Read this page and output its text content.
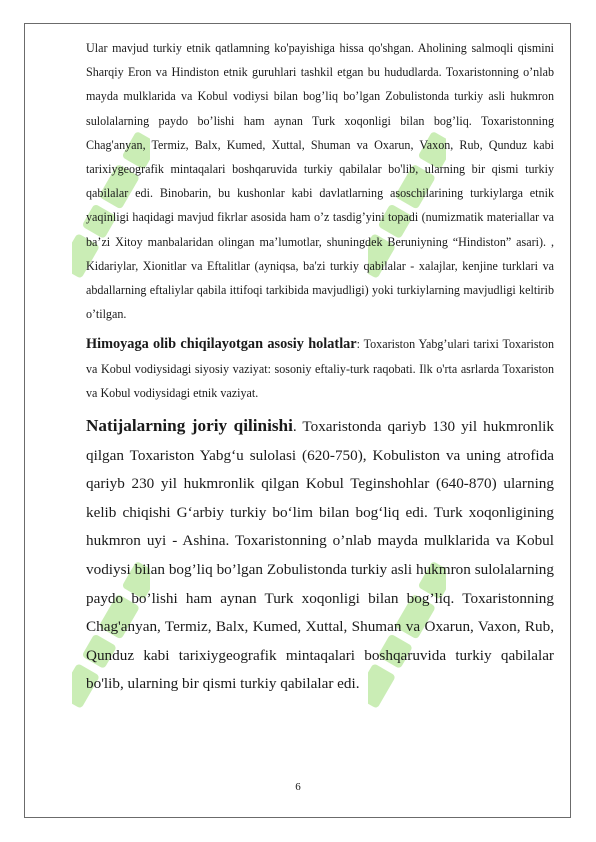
Ular mavjud turkiy etnik qatlamning ko'payishiga hissa qo'shgan. Aholining salmoqli qismini Sharqiy Eron va Hindiston etnik guruhlari tashkil etgan bu hududlarda. Toxaristonning o’nlab mayda mulklarida va Kobul vodiysi bilan bog’liq bo’lgan Zobulistonda turkiy asli hukmron sulolalarning paydo bo’lishi ham aynan Turk xoqonligi bilan bog’liq. Toxaristonning Chag'anyan, Termiz, Balx, Kumed, Xuttal, Shuman va Oxarun, Vaxon, Rub, Qunduz kabi tarixiygeografik mintaqalari boshqaruvida turkiy qabilalar bo'lib, ularning bir qismi turkiy qabilalar edi. Binobarin, bu kushonlar kabi davlatlarning asoschilarining turkiylarga etnik yaqinligi haqidagi mavjud fikrlar asosida ham o’z tasdig’yini topadi (numizmatik materiallar va ba’zi Xitoy manbalaridan olingan ma’lumotlar, shuningdek Beruniyning “Hindiston” asari). , Kidariylar, Xionitlar va Eftalitlar (ayniqsa, ba'zi turkiy qabilalar - xalajlar, kenjine turklari va abdallarning eftaliylar qabila ittifoqi tarkibida mavjudligi) yoki turkiylarning mavjudligi keltirib o’tilgan.

Himoyaga olib chiqilayotgan asosiy holatlar: Toxariston Yabg’ulari tarixi Toxariston va Kobul vodiysidagi siyosiy vaziyat: sosoniy eftaliy-turk raqobati. Ilk o'rta asrlarda Toxariston va Kobul vodiysidagi etnik vaziyat.

Natijalarning joriy qilinishi. Toxaristonda qariyb 130 yil hukmronlik qilgan Toxariston Yabg‘u sulolasi (620-750), Kobuliston va uning atrofida qariyb 230 yil hukmronlik qilgan Kobul Teginshohlar (640-870) ularning kelib chiqishi G‘arbiy turkiy bo‘lim bilan bog‘liq edi. Turk xoqonligining hukmron uyi - Ashina. Toxaristonning o’nlab mayda mulklarida va Kobul vodiysi bilan bog’liq bo’lgan Zobulistonda turkiy asli hukmron sulolalarning paydo bo’lishi ham aynan Turk xoqonligi bilan bog’liq. Toxaristonning Chag'anyan, Termiz, Balx, Kumed, Xuttal, Shuman va Oxarun, Vaxon, Rub, Qunduz kabi tarixiygeografik mintaqalari boshqaruvida turkiy qabilalar bo'lib, ularning bir qismi turkiy qabilalar edi.

6
